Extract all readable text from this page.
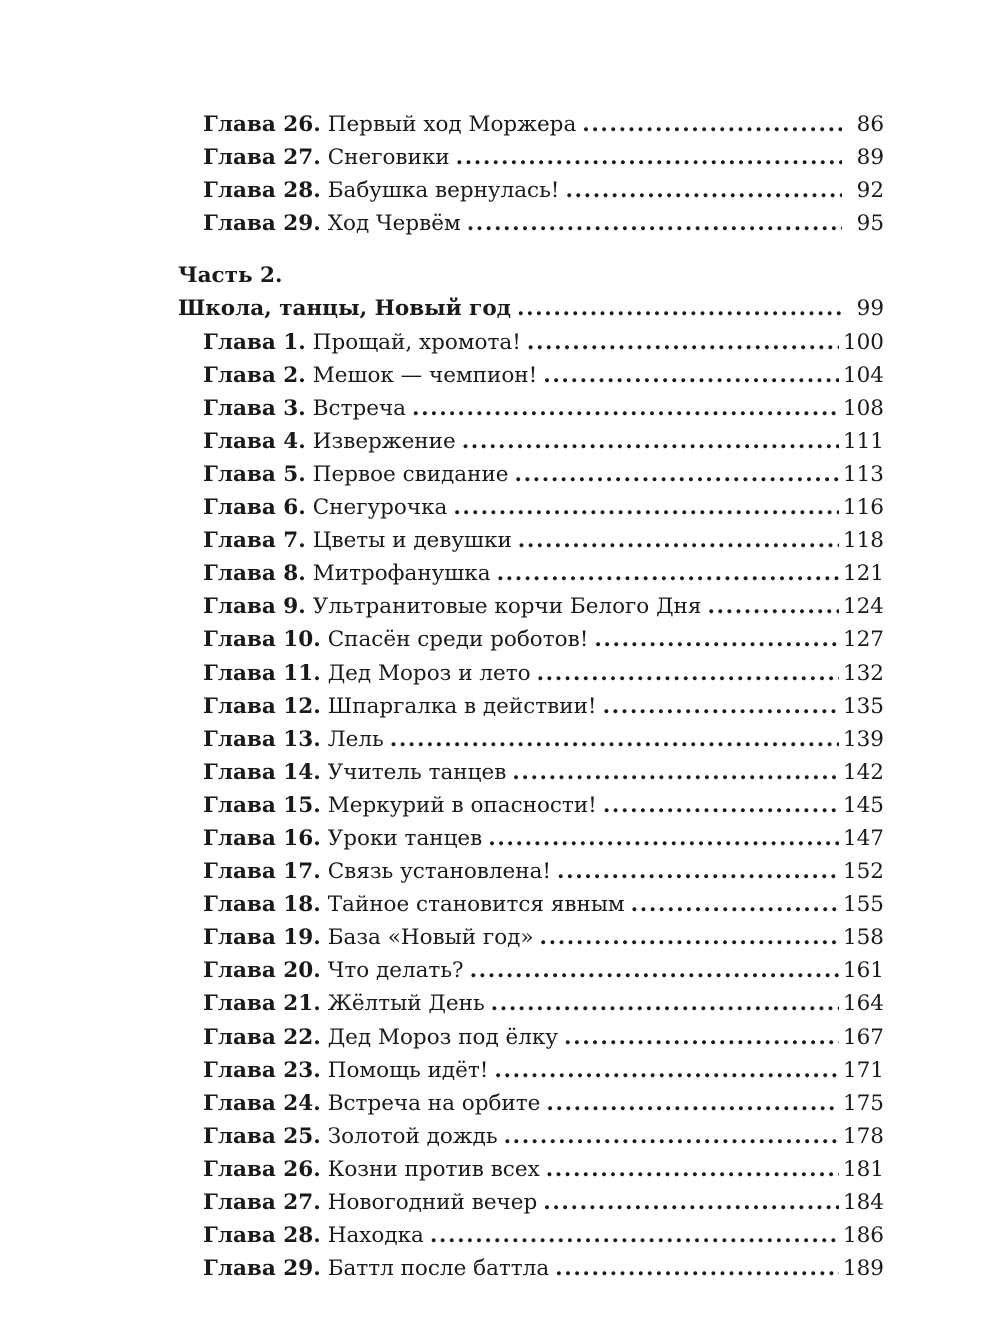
Глава 26. Первый ход Моржера .....	86
Глава 27. Снеговики .....	89
Глава 28. Бабушка вернулась! .....	92
Глава 29. Ход Червём .....	95
Часть 2.
Школа, танцы, Новый год .....	99
Глава 1. Прощай, хромота! .....	100
Глава 2. Мешок — чемпион! .....	104
Глава 3. Встреча .....	108
Глава 4. Извержение .....	111
Глава 5. Первое свидание .....	113
Глава 6. Снегурочка .....	116
Глава 7. Цветы и девушки .....	118
Глава 8. Митрофанушка .....	121
Глава 9. Ультранитовые корчи Белого Дня .....	124
Глава 10. Спасён среди роботов! .....	127
Глава 11. Дед Мороз и лето .....	132
Глава 12. Шпаргалка в действии! .....	135
Глава 13. Лель .....	139
Глава 14. Учитель танцев .....	142
Глава 15. Меркурий в опасности! .....	145
Глава 16. Уроки танцев .....	147
Глава 17. Связь установлена! .....	152
Глава 18. Тайное становится явным .....	155
Глава 19. База «Новый год» .....	158
Глава 20. Что делать? .....	161
Глава 21. Жёлтый День .....	164
Глава 22. Дед Мороз под ёлку .....	167
Глава 23. Помощь идёт! .....	171
Глава 24. Встреча на орбите .....	175
Глава 25. Золотой дождь .....	178
Глава 26. Козни против всех .....	181
Глава 27. Новогодний вечер .....	184
Глава 28. Находка .....	186
Глава 29. Баттл после баттла .....	189
